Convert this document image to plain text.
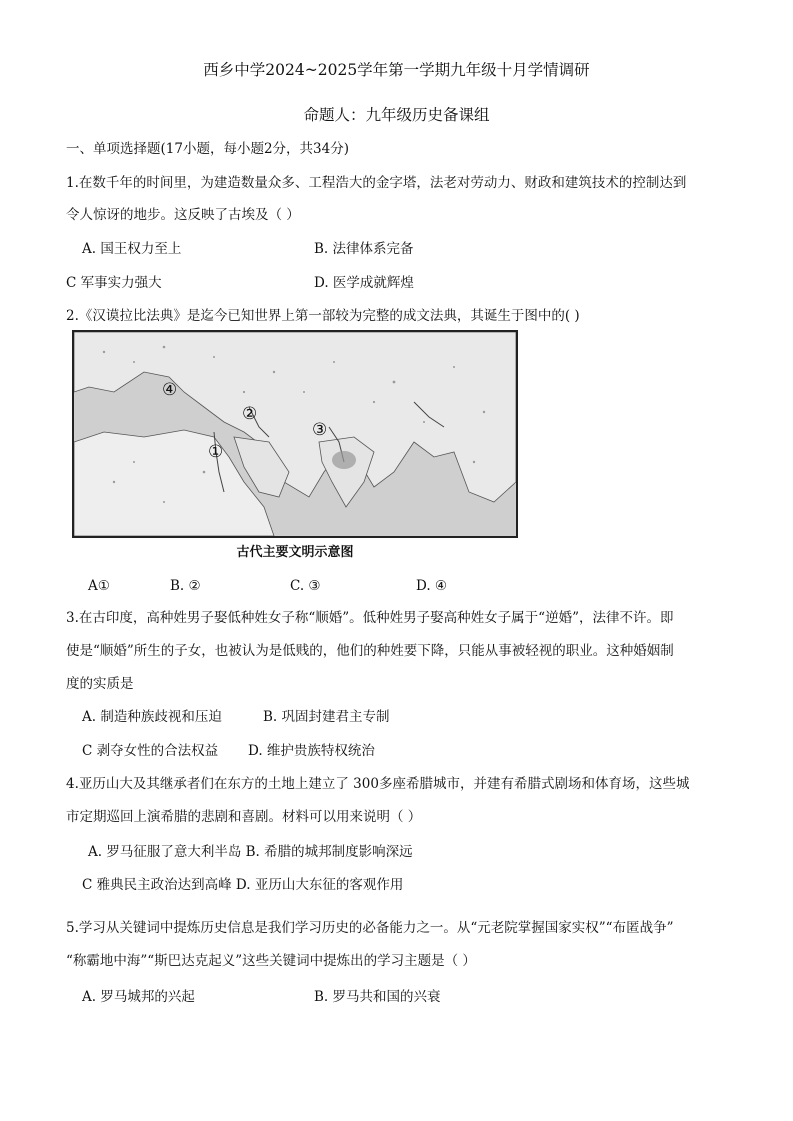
西乡中学2024~2025学年第一学期九年级十月学情调研
命题人：九年级历史备课组
一、单项选择题(17小题，每小题2分，共34分)
1.在数千年的时间里，为建造数量众多、工程浩大的金字塔，法老对劳动力、财政和建筑技术的控制达到
令人惊讶的地步。这反映了古埃及（ ）
A. 国王权力至上	B. 法律体系完备
C 军事实力强大	D. 医学成就辉煌
2.《汉谟拉比法典》是迄今已知世界上第一部较为完整的成文法典，其诞生于图中的( )
④
②
③
①
古代主要文明示意图
A①	B. ②	C. ③	D. ④
3.在古印度，高种姓男子娶低种姓女子称“顺婚”。低种姓男子娶高种姓女子属于“逆婚”，法律不许。即
使是“顺婚”所生的子女，也被认为是低贱的，他们的种姓要下降，只能从事被轻视的职业。这种婚姻制
度的实质是
A. 制造种族歧视和压迫	B. 巩固封建君主专制
C 剥夺女性的合法权益 D. 维护贵族特权统治
4.亚历山大及其继承者们在东方的土地上建立了 300多座希腊城市，并建有希腊式剧场和体育场，这些城
市定期巡回上演希腊的悲剧和喜剧。材料可以用来说明（ ）
A. 罗马征服了意大利半岛 B. 希腊的城邦制度影响深远
C 雅典民主政治达到高峰 D. 亚历山大东征的客观作用
5.学习从关键词中提炼历史信息是我们学习历史的必备能力之一。从“元老院掌握国家实权”“布匿战争”
“称霸地中海”“斯巴达克起义”这些关键词中提炼出的学习主题是（ ）
A. 罗马城邦的兴起	B. 罗马共和国的兴衰
